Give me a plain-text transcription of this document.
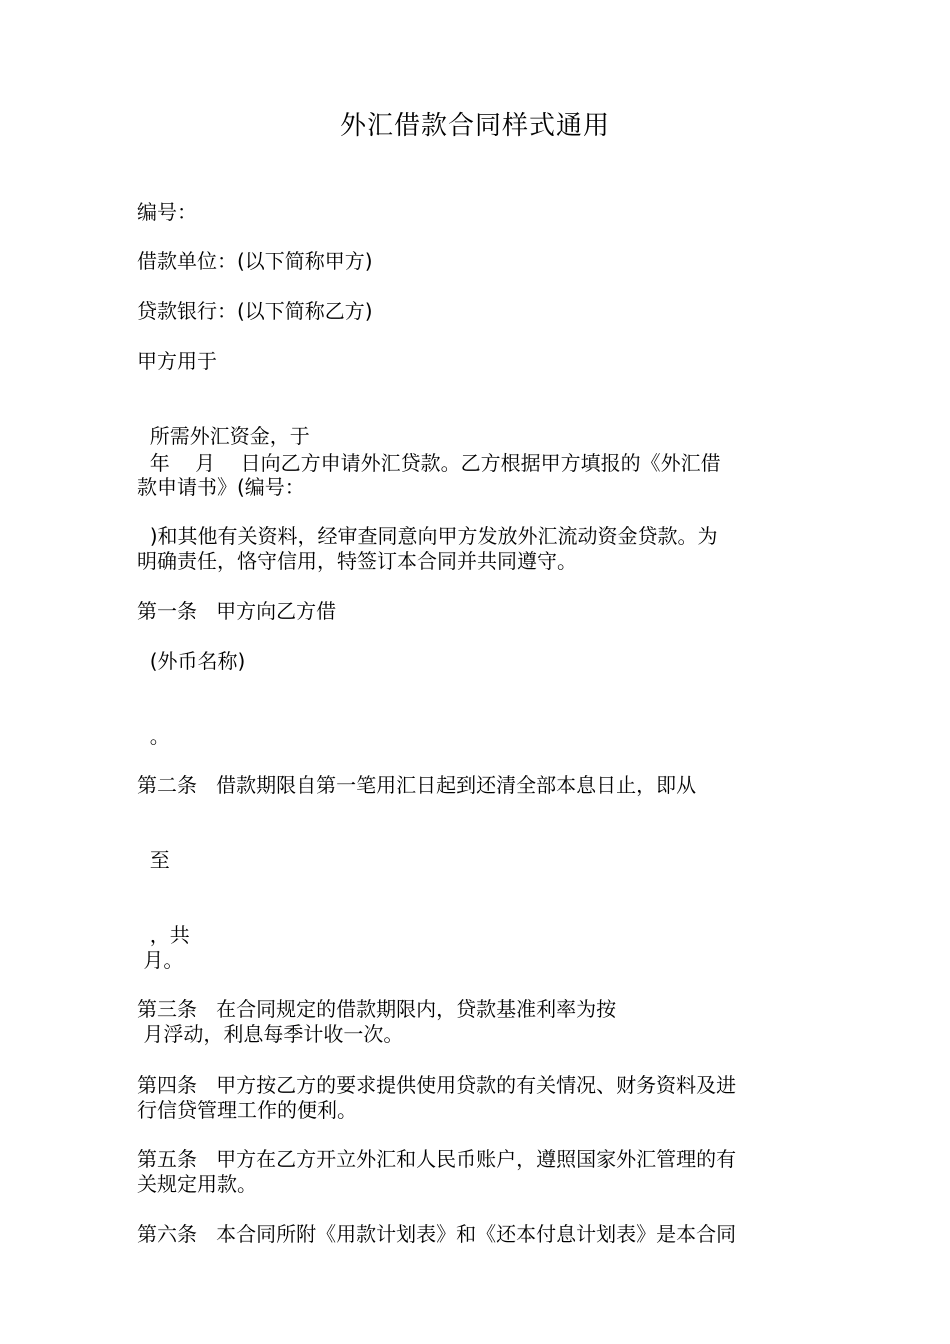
外汇借款合同样式通用

编号：

借款单位：(以下简称甲方)

贷款银行：(以下简称乙方)

甲方用于

所需外汇资金，于

年    月    日向乙方申请外汇贷款。乙方根据甲方填报的《外汇借

款申请书》(编号：

)和其他有关资料，经审查同意向甲方发放外汇流动资金贷款。为

明确责任，恪守信用，特签订本合同并共同遵守。

第一条   甲方向乙方借

(外币名称)

。

第二条   借款期限自第一笔用汇日起到还清全部本息日止，即从

至

，共

月。

第三条   在合同规定的借款期限内，贷款基准利率为按

月浮动，利息每季计收一次。

第四条   甲方按乙方的要求提供使用贷款的有关情况、财务资料及进

行信贷管理工作的便利。

第五条   甲方在乙方开立外汇和人民币账户，遵照国家外汇管理的有

关规定用款。

第六条   本合同所附《用款计划表》和《还本付息计划表》是本合同
